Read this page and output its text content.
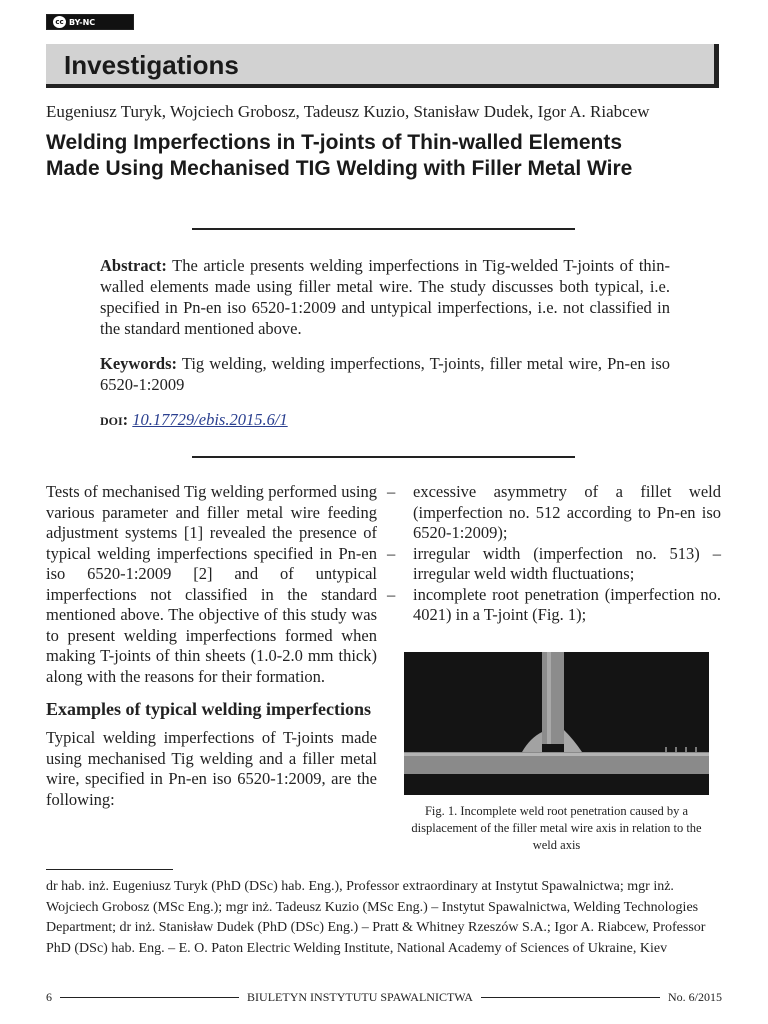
cc BY-NC
Investigations
Eugeniusz Turyk, Wojciech Grobosz, Tadeusz Kuzio, Stanisław Dudek, Igor A. Riabcew
Welding Imperfections in T-joints of Thin-walled Elements
Made Using Mechanised TIG Welding with Filler Metal Wire

Abstract: The article presents welding imperfections in Tig-welded T-joints of thin-walled elements made using filler metal wire. The study discusses both typical, i.e. specified in Pn-en iso 6520-1:2009 and untypical imperfections, i.e. not classified in the standard mentioned above.

Keywords: Tig welding, welding imperfections, T-joints, filler metal wire, Pn-en iso 6520-1:2009

doi: 10.17729/ebis.2015.6/1

Tests of mechanised Tig welding performed using various parameter and filler metal wire feeding adjustment systems [1] revealed the presence of typical welding imperfections specified in Pn-en iso 6520-1:2009 [2] and of untypical imperfections not classified in the standard mentioned above. The objective of this study was to present welding imperfections formed when making T-joints of thin sheets (1.0-2.0 mm thick) along with the reasons for their formation.

Examples of typical welding imperfections

Typical welding imperfections of T-joints made using mechanised Tig welding and a filler metal wire, specified in Pn-en iso 6520-1:2009, are the following:

– excessive asymmetry of a fillet weld (imperfection no. 512 according to Pn-en iso 6520-1:2009);
– irregular width (imperfection no. 513) – irregular weld width fluctuations;
– incomplete root penetration (imperfection no. 4021) in a T-joint (Fig. 1);
Fig. 1. Incomplete weld root penetration caused by a displacement of the filler metal wire axis in relation to the weld axis
dr hab. inż. Eugeniusz Turyk (PhD (DSc) hab. Eng.), Professor extraordinary at Instytut Spawalnictwa; mgr inż. Wojciech Grobosz (MSc Eng.); mgr inż. Tadeusz Kuzio (MSc Eng.) – Instytut Spawalnictwa, Welding Technologies Department; dr inż. Stanisław Dudek (PhD (DSc) Eng.) – Pratt & Whitney Rzeszów S.A.; Igor A. Riabcew, Professor PhD (DSc) hab. Eng. – E. O. Paton Electric Welding Institute, National Academy of Sciences of Ukraine, Kiev
6	BIULETYN INSTYTUTU SPAWALNICTWA	No. 6/2015
